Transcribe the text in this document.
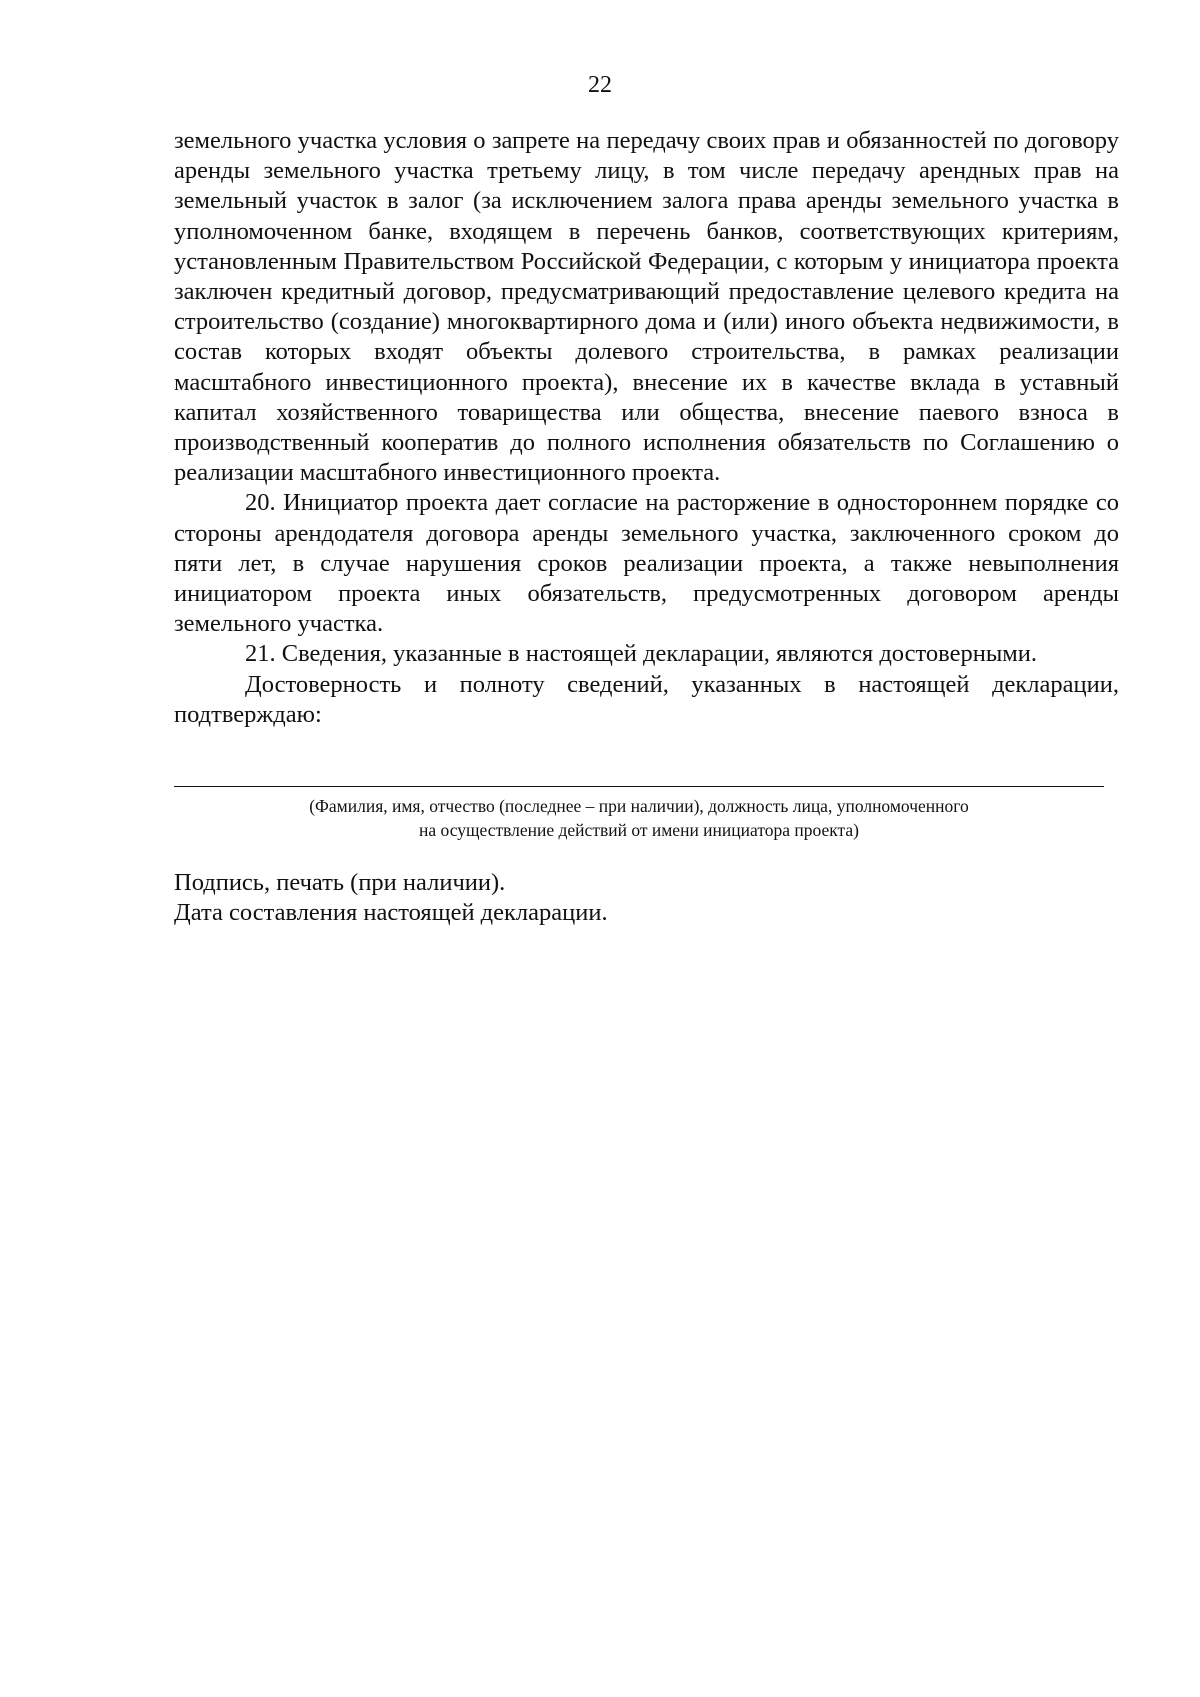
22

земельного участка условия о запрете на передачу своих прав и обязанностей по договору аренды земельного участка третьему лицу, в том числе передачу арендных прав на земельный участок в залог (за исключением залога права аренды земельного участка в уполномоченном банке, входящем в перечень банков, соответствующих критериям, установленным Правительством Российской Федерации, с которым у инициатора проекта заключен кредитный договор, предусматривающий предоставление целевого кредита на строительство (создание) многоквартирного дома и (или) иного объекта недвижимости, в состав которых входят объекты долевого строительства, в рамках реализации масштабного инвестиционного проекта), внесение их в качестве вклада в уставный капитал хозяйственного товарищества или общества, внесение паевого взноса в производственный кооператив до полного исполнения обязательств по Соглашению о реализации масштабного инвестиционного проекта.

20. Инициатор проекта дает согласие на расторжение в одностороннем порядке со стороны арендодателя договора аренды земельного участка, заключенного сроком до пяти лет, в случае нарушения сроков реализации проекта, а также невыполнения инициатором проекта иных обязательств, предусмотренных договором аренды земельного участка.

21. Сведения, указанные в настоящей декларации, являются достоверными.

Достоверность и полноту сведений, указанных в настоящей декларации, подтверждаю:

(Фамилия, имя, отчество (последнее – при наличии), должность лица, уполномоченного
на осуществление действий от имени инициатора проекта)
Подпись, печать (при наличии).
Дата составления настоящей декларации.
